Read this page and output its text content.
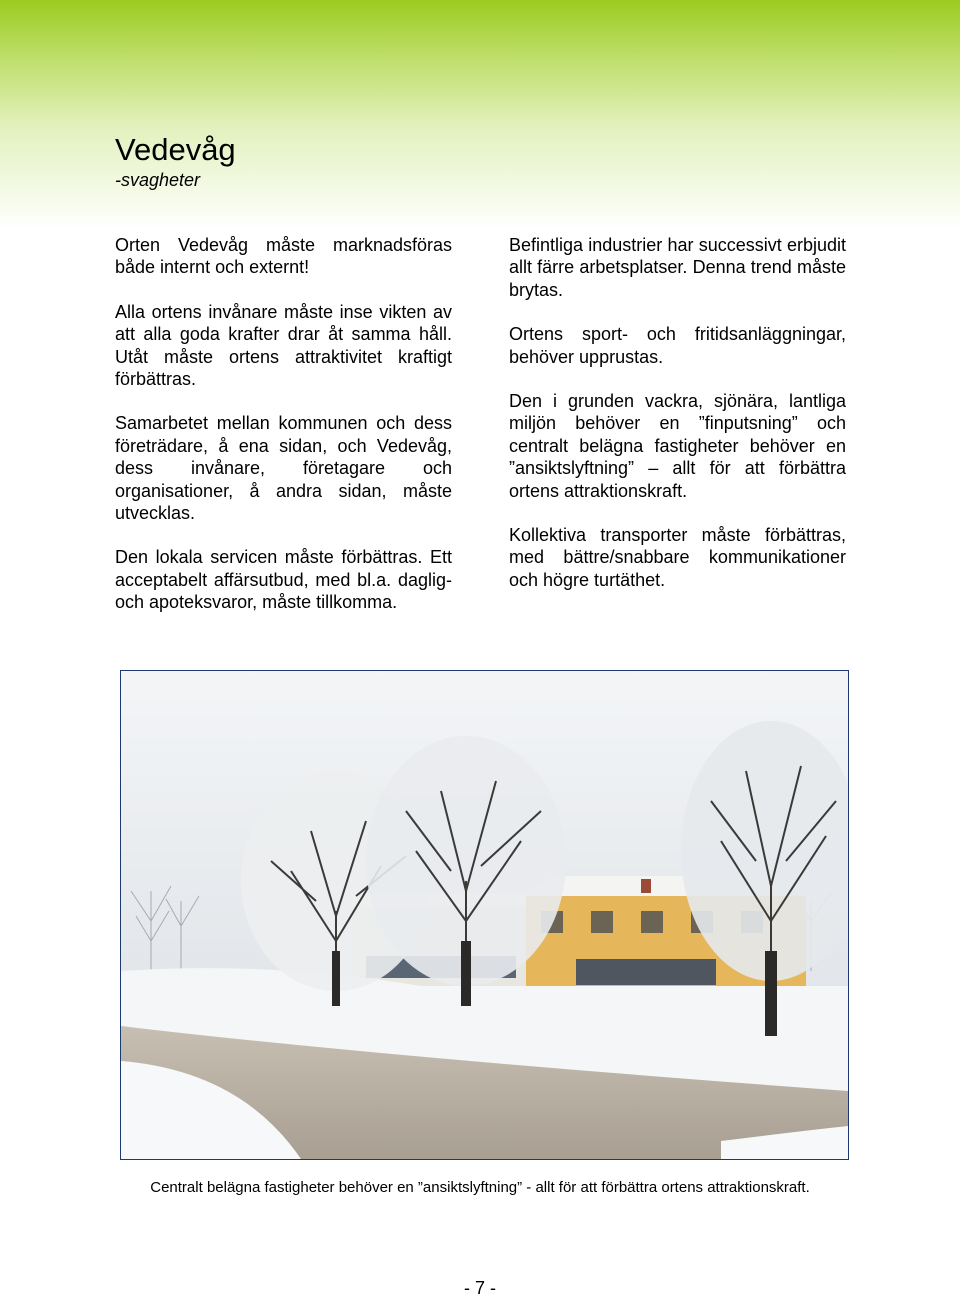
Vedevåg
-svagheter

Orten Vedevåg måste marknadsföras både internt och externt!

Alla ortens invånare måste inse vikten av att alla goda krafter drar åt samma håll. Utåt måste ortens attraktivitet kraftigt förbättras.

Samarbetet mellan kommunen och dess företrädare, å ena sidan, och Vedevåg, dess invånare, företagare och organisationer, å andra sidan, måste utvecklas.

Den lokala servicen måste förbättras. Ett acceptabelt affärsutbud, med bl.a. daglig- och apoteksvaror, måste tillkomma.

Befintliga industrier har successivt erbjudit allt färre arbetsplatser. Denna trend måste brytas.

Ortens sport- och fritidsanläggningar, behöver upprustas.

Den i grunden vackra, sjönära, lantliga miljön behöver en ”finputsning” och centralt belägna fastigheter behöver en ”ansiktslyftning” – allt för att förbättra ortens attraktionskraft.

Kollektiva transporter måste förbättras, med bättre/snabbare kommunikationer och högre turtäthet.

Centralt belägna fastigheter behöver en ”ansiktslyftning” - allt för att förbättra ortens attraktionskraft.
- 7 -
